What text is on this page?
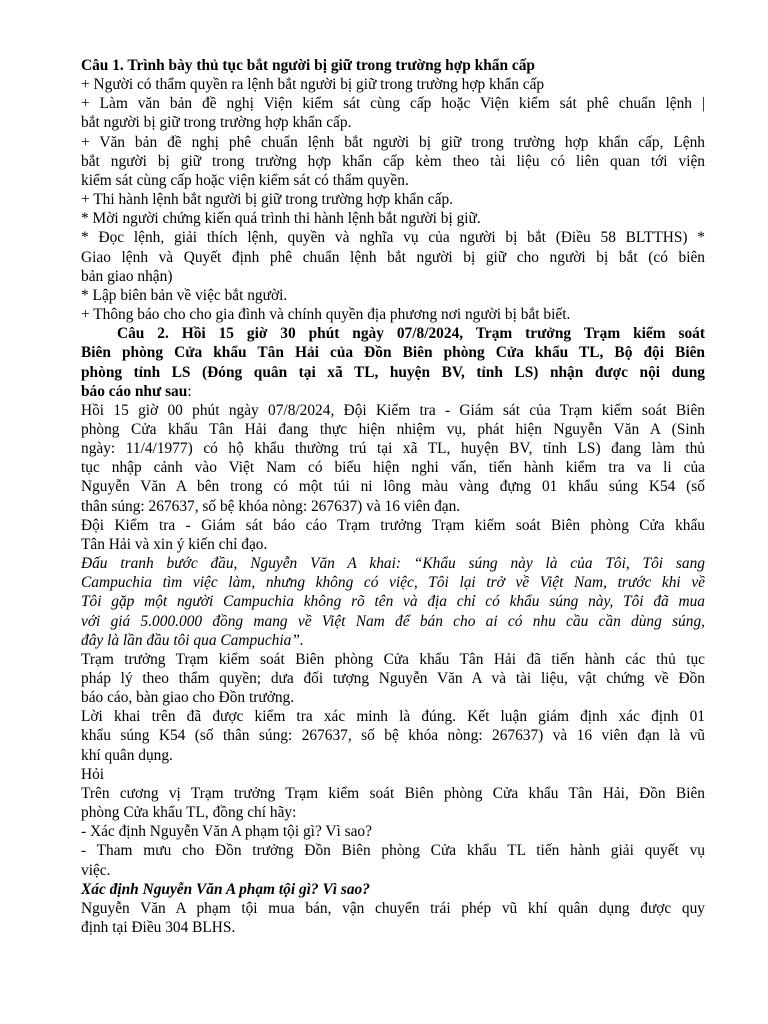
Câu 1. Trình bày thủ tục bắt người bị giữ trong trường hợp khẩn cấp
+ Người có thẩm quyền ra lệnh bắt người bị giữ trong trường hợp khẩn cấp
+ Làm văn bản đề nghị Viện kiểm sát cùng cấp hoặc Viện kiểm sát phê chuẩn lệnh |
bắt người bị giữ trong trường hợp khẩn cấp.
+ Văn bản đề nghị phê chuẩn lệnh bắt người bị giữ trong trường hợp khẩn cấp, Lệnh
bắt người bị giữ trong trường hợp khẩn cấp kèm theo tài liệu có liên quan tới viện
kiểm sát cùng cấp hoặc viện kiểm sát có thẩm quyền.
+ Thi hành lệnh bắt người bị giữ trong trường hợp khẩn cấp.
* Mời người chứng kiến quá trình thi hành lệnh bắt người bị giữ.
* Đọc lệnh, giải thích lệnh, quyền và nghĩa vụ của người bị bắt (Điều 58 BLTTHS) *
Giao lệnh và Quyết định phê chuẩn lệnh bắt người bị giữ cho người bị bắt (có biên
bản giao nhận)
* Lập biên bản về việc bắt người.
+ Thông báo cho cho gia đình và chính quyền địa phương nơi người bị bắt biết.
Câu 2. Hồi 15 giờ 30 phút ngày 07/8/2024, Trạm trưởng Trạm kiểm soát
Biên phòng Cửa khẩu Tân Hải của Đồn Biên phòng Cửa khẩu TL, Bộ đội Biên
phòng tỉnh LS (Đóng quân tại xã TL, huyện BV, tỉnh LS) nhận được nội dung
báo cáo như sau:
Hồi 15 giờ 00 phút ngày 07/8/2024, Đội Kiểm tra - Giám sát của Trạm kiểm soát Biên
phòng Cửa khẩu Tân Hải đang thực hiện nhiệm vụ, phát hiện Nguyễn Văn A (Sinh
ngày: 11/4/1977) có hộ khẩu thường trú tại xã TL, huyện BV, tỉnh LS) đang làm thủ
tục nhập cảnh vào Việt Nam có biểu hiện nghi vấn, tiến hành kiểm tra va li của
Nguyễn Văn A bên trong có một túi ni lông màu vàng đựng 01 khẩu súng K54 (số
thân súng: 267637, số bệ khóa nòng: 267637) và 16 viên đạn.
Đội Kiểm tra - Giám sát báo cáo Trạm trưởng Trạm kiểm soát Biên phòng Cửa khẩu
Tân Hải và xin ý kiến chỉ đạo.
Đấu tranh bước đầu, Nguyễn Văn A khai: “Khẩu súng này là của Tôi, Tôi sang
Campuchia tìm việc làm, nhưng không có việc, Tôi lại trở về Việt Nam, trước khi về
Tôi gặp một người Campuchia không rõ tên và địa chỉ có khẩu súng này, Tôi đã mua
với giá 5.000.000 đồng mang về Việt Nam để bán cho ai có nhu cầu cần dùng súng,
đây là lần đầu tôi qua Campuchia”.
Trạm trưởng Trạm kiểm soát Biên phòng Cửa khẩu Tân Hải đã tiến hành các thủ tục
pháp lý theo thẩm quyền; dưa đối tượng Nguyễn Văn A và tài liệu, vật chứng về Đồn
báo cáo, bàn giao cho Đồn trưởng.
Lời khai trên đã được kiểm tra xác minh là đúng. Kết luận giám định xác định 01
khẩu súng K54 (số thân súng: 267637, số bệ khóa nòng: 267637) và 16 viên đạn là vũ
khí quân dụng.
Hỏi
Trên cương vị Trạm trưởng Trạm kiểm soát Biên phòng Cửa khẩu Tân Hải, Đồn Biên
phòng Cửa khẩu TL, đồng chí hãy:
- Xác định Nguyễn Văn A phạm tội gì? Vì sao?
- Tham mưu cho Đồn trưởng Đồn Biên phòng Cửa khẩu TL tiến hành giải quyết vụ
việc.
Xác định Nguyễn Văn A phạm tội gì? Vì sao?
Nguyễn Văn A phạm tội mua bán, vận chuyển trái phép vũ khí quân dụng được quy
định tại Điều 304 BLHS.
